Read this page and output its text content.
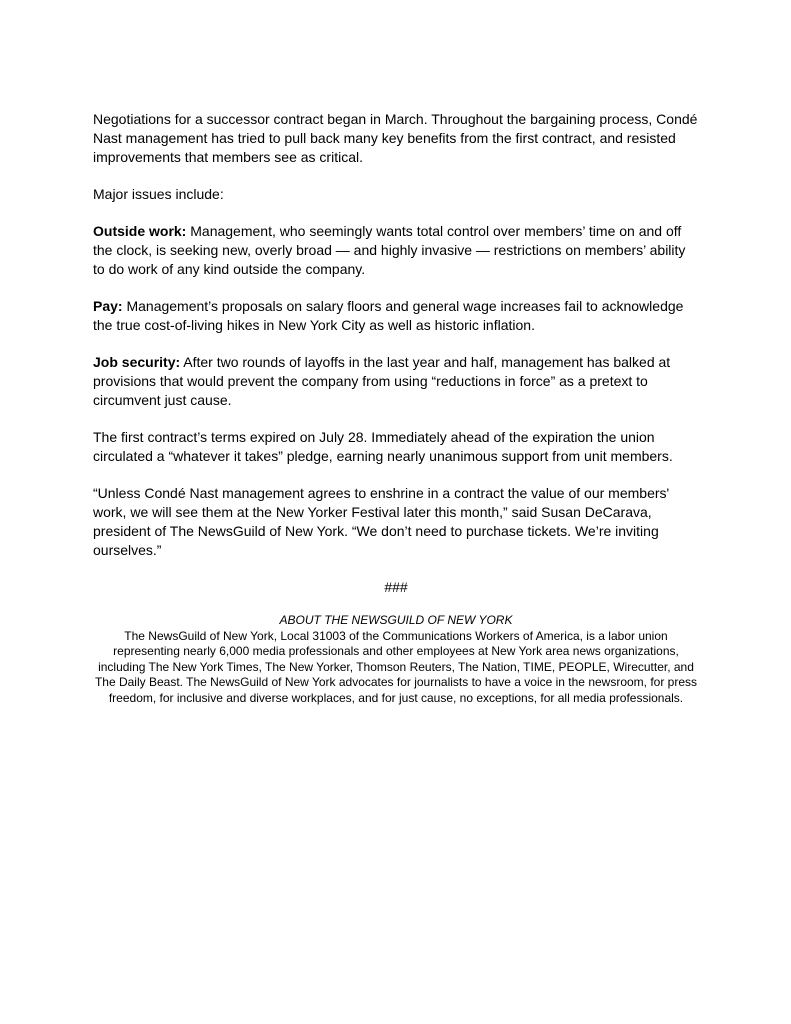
Negotiations for a successor contract began in March. Throughout the bargaining process, Condé Nast management has tried to pull back many key benefits from the first contract, and resisted improvements that members see as critical.

Major issues include:

Outside work: Management, who seemingly wants total control over members’ time on and off the clock, is seeking new, overly broad — and highly invasive — restrictions on members’ ability to do work of any kind outside the company.

Pay: Management’s proposals on salary floors and general wage increases fail to acknowledge the true cost-of-living hikes in New York City as well as historic inflation.

Job security: After two rounds of layoffs in the last year and half, management has balked at provisions that would prevent the company from using “reductions in force” as a pretext to circumvent just cause.

The first contract’s terms expired on July 28. Immediately ahead of the expiration the union circulated a “whatever it takes” pledge, earning nearly unanimous support from unit members.

“Unless Condé Nast management agrees to enshrine in a contract the value of our members' work, we will see them at the New Yorker Festival later this month,” said Susan DeCarava, president of The NewsGuild of New York. “We don’t need to purchase tickets. We’re inviting ourselves.”

###
ABOUT THE NEWSGUILD OF NEW YORK
The NewsGuild of New York, Local 31003 of the Communications Workers of America, is a labor union representing nearly 6,000 media professionals and other employees at New York area news organizations, including The New York Times, The New Yorker, Thomson Reuters, The Nation, TIME, PEOPLE, Wirecutter, and The Daily Beast. The NewsGuild of New York advocates for journalists to have a voice in the newsroom, for press freedom, for inclusive and diverse workplaces, and for just cause, no exceptions, for all media professionals.
